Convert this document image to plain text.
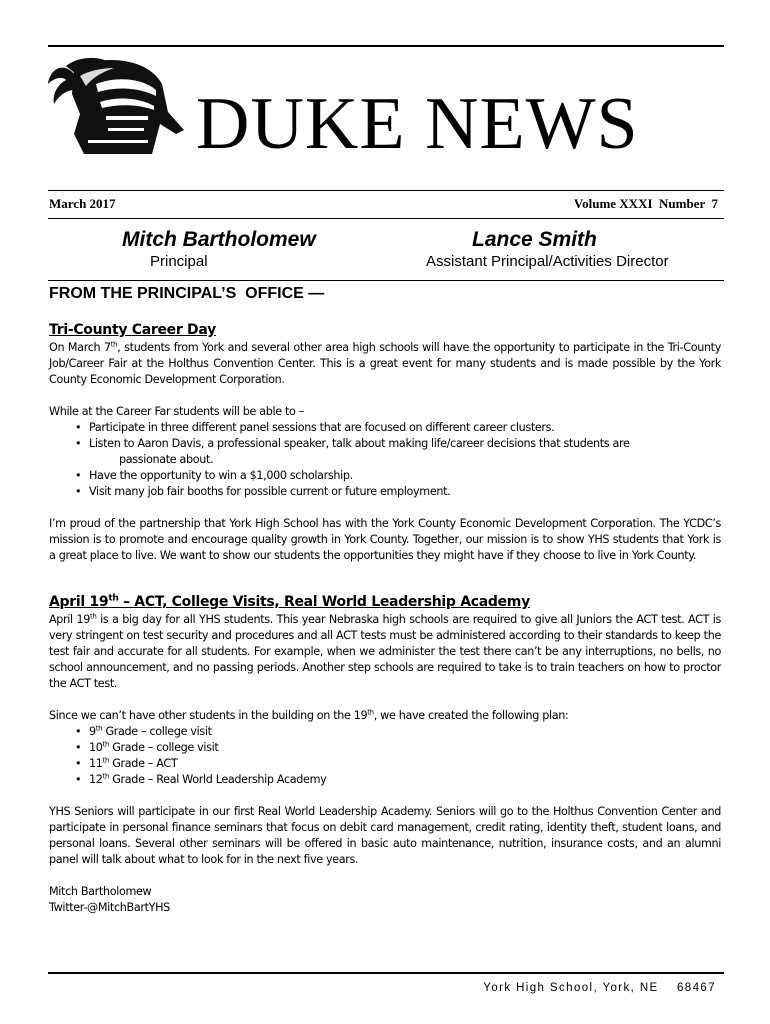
DUKE NEWS
March 2017	Volume XXXI  Number  7
Mitch Bartholomew
Principal
Lance Smith
Assistant Principal/Activities Director
FROM THE PRINCIPAL’S  OFFICE —
Tri-County Career Day
On March 7th, students from York and several other area high schools will have the opportunity to participate in the Tri-County Job/Career Fair at the Holthus Convention Center. This is a great event for many students and is made possible by the York County Economic Development Corporation.
While at the Career Far students will be able to –
• Participate in three different panel sessions that are focused on different career clusters.
• Listen to Aaron Davis, a professional speaker, talk about making life/career decisions that students are
passionate about.
• Have the opportunity to win a $1,000 scholarship.
• Visit many job fair booths for possible current or future employment.
I’m proud of the partnership that York High School has with the York County Economic Development Corporation. The YCDC’s mission is to promote and encourage quality growth in York County. Together, our mission is to show YHS students that York is a great place to live. We want to show our students the opportunities they might have if they choose to live in York County.
April 19th – ACT, College Visits, Real World Leadership Academy
April 19th is a big day for all YHS students. This year Nebraska high schools are required to give all Juniors the ACT test. ACT is very stringent on test security and procedures and all ACT tests must be administered according to their standards to keep the test fair and accurate for all students. For example, when we administer the test there can’t be any interruptions, no bells, no school announcement, and no passing periods. Another step schools are required to take is to train teachers on how to proctor the ACT test.
Since we can’t have other students in the building on the 19th, we have created the following plan:
• 9th Grade – college visit
• 10th Grade – college visit
• 11th Grade – ACT
• 12th Grade – Real World Leadership Academy
YHS Seniors will participate in our first Real World Leadership Academy. Seniors will go to the Holthus Convention Center and participate in personal finance seminars that focus on debit card management, credit rating, identity theft, student loans, and personal loans. Several other seminars will be offered in basic auto maintenance, nutrition, insurance costs, and an alumni panel will talk about what to look for in the next five years.
Mitch Bartholomew
Twitter-@MitchBartYHS
York High School, York, NE    68467
